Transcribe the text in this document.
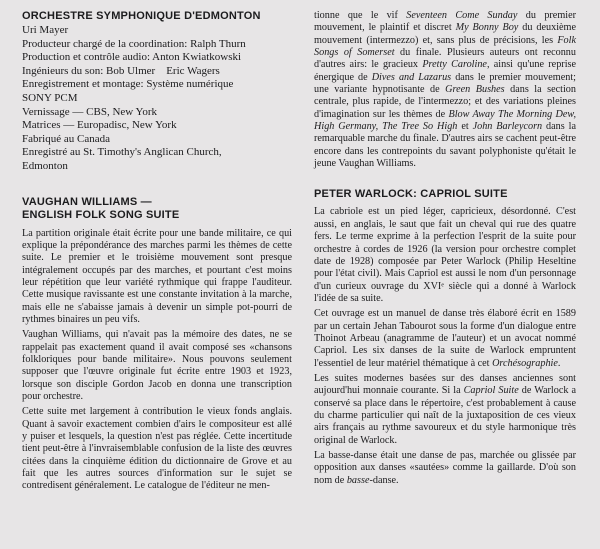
ORCHESTRE SYMPHONIQUE D'EDMONTON

Uri Mayer

Producteur chargé de la coordination: Ralph Thurn

Production et contrôle audio: Anton Kwiatkowski

Ingénieurs du son: Bob Ulmer    Eric Wagers

Enregistrement et montage: Système numérique

SONY PCM

Vernissage — CBS, New York

Matrices — Europadisc, New York

Fabriqué au Canada

Enregistré au St. Timothy's Anglican Church,

Edmonton

VAUGHAN WILLIAMS —
ENGLISH FOLK SONG SUITE

La partition originale était écrite pour une bande militaire, ce qui explique la prépondérance des marches parmi les thèmes de cette suite. Le premier et le troisième mouvement sont presque intégralement occupés par des marches, et pourtant c'est moins leur répétition que leur variété rythmique qui frappe l'auditeur. Cette musique ravissante est une constante invitation à la marche, mais elle ne s'abaisse jamais à devenir un simple pot-pourri de rythmes binaires un peu vifs.

Vaughan Williams, qui n'avait pas la mémoire des dates, ne se rappelait pas exactement quand il avait composé ses «chansons folkloriques pour bande militaire». Nous pouvons seulement supposer que l'œuvre originale fut écrite entre 1903 et 1923, lorsque son disciple Gordon Jacob en donna une transcription pour orchestre.

Cette suite met largement à contribution le vieux fonds anglais. Quant à savoir exactement combien d'airs le compositeur est allé y puiser et lesquels, la question n'est pas réglée. Cette incertitude tient peut-être à l'invraisemblable confusion de la liste des œuvres citées dans la cinquième édition du dictionnaire de Grove et au fait que les autres sources d'information sur le sujet se contredisent généralement. Le catalogue de l'éditeur ne men-

tionne que le vif Seventeen Come Sunday du premier mouvement, le plaintif et discret My Bonny Boy du deuxième mouvement (intermezzo) et, sans plus de précisions, les Folk Songs of Somerset du finale. Plusieurs auteurs ont reconnu d'autres airs: le gracieux Pretty Caroline, ainsi qu'une reprise énergique de Dives and Lazarus dans le premier mouvement; une variante hypnotisante de Green Bushes dans la section centrale, plus rapide, de l'intermezzo; et des variations pleines d'imagination sur les thèmes de Blow Away The Morning Dew, High Germany, The Tree So High et John Barleycorn dans la remarquable marche du finale. D'autres airs se cachent peut-être encore dans les contrepoints du savant polyphoniste qu'était le jeune Vaughan Williams.

PETER WARLOCK: CAPRIOL SUITE

La cabriole est un pied léger, capricieux, désordonné. C'est aussi, en anglais, le saut que fait un cheval qui rue des quatre fers. Le terme exprime à la perfection l'esprit de la suite pour orchestre à cordes de 1926 (la version pour orchestre complet date de 1928) composée par Peter Warlock (Philip Heseltine pour l'état civil). Mais Capriol est aussi le nom d'un personnage d'un curieux ouvrage du XVIᵉ siècle qui a donné à Warlock l'idée de sa suite.

Cet ouvrage est un manuel de danse très élaboré écrit en 1589 par un certain Jehan Tabourot sous la forme d'un dialogue entre Thoinot Arbeau (anagramme de l'auteur) et un avocat nommé Capriol. Les six danses de la suite de Warlock empruntent l'essentiel de leur matériel thématique à cet Orchésographie.

Les suites modernes basées sur des danses anciennes sont aujourd'hui monnaie courante. Si la Capriol Suite de Warlock a conservé sa place dans le répertoire, c'est probablement à cause du charme particulier qui naît de la juxtaposition de ces vieux airs français au rythme savoureux et du style harmonique très original de Warlock.

La basse-danse était une danse de pas, marchée ou glissée par opposition aux danses «sautées» comme la gaillarde. D'où son nom de basse-danse.
